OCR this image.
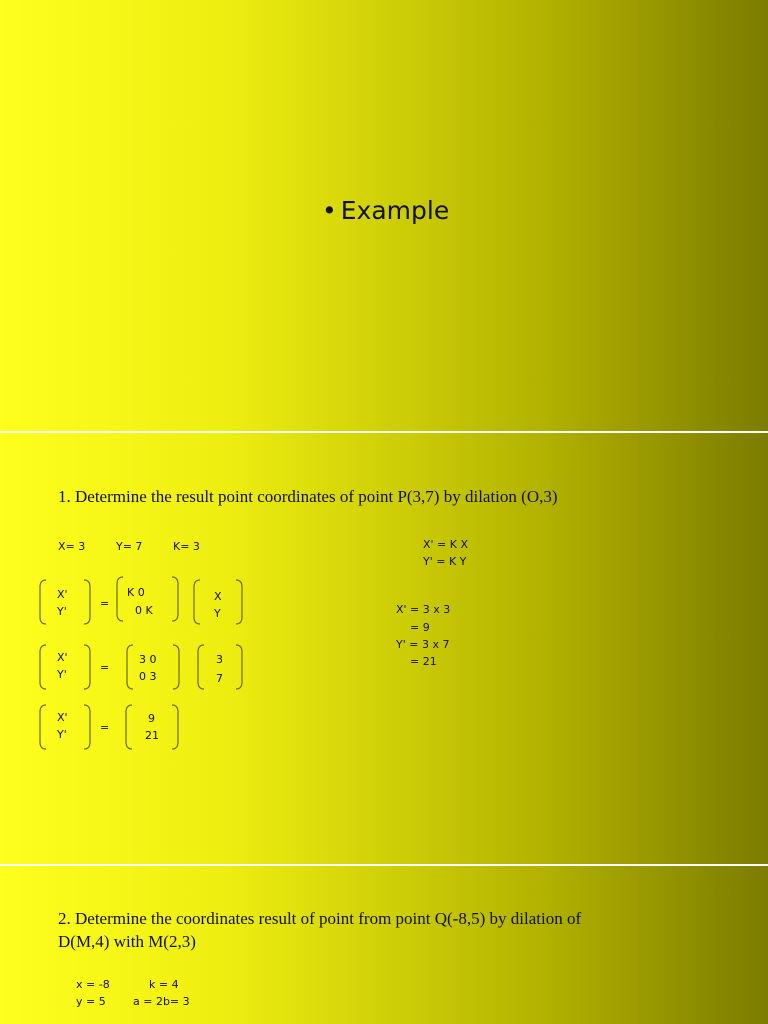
• Example
1. Determine the result point coordinates of point P(3,7) by dilation (O,3)
X= 3	Y= 7	K= 3	X' = K X
Y' = K Y
X' = 3 x 3
= 9
Y' = 3 x 7
= 21
X'
Y'
=
K 0
0 K
X
Y
X'
Y'
=
3 0
0 3
3
7
X'
Y'
=
9
21
2. Determine the coordinates result of point from point Q(-8,5) by dilation of
D(M,4) with M(2,3)
x = -8
y = 5
k = 4
a = 2b= 3
